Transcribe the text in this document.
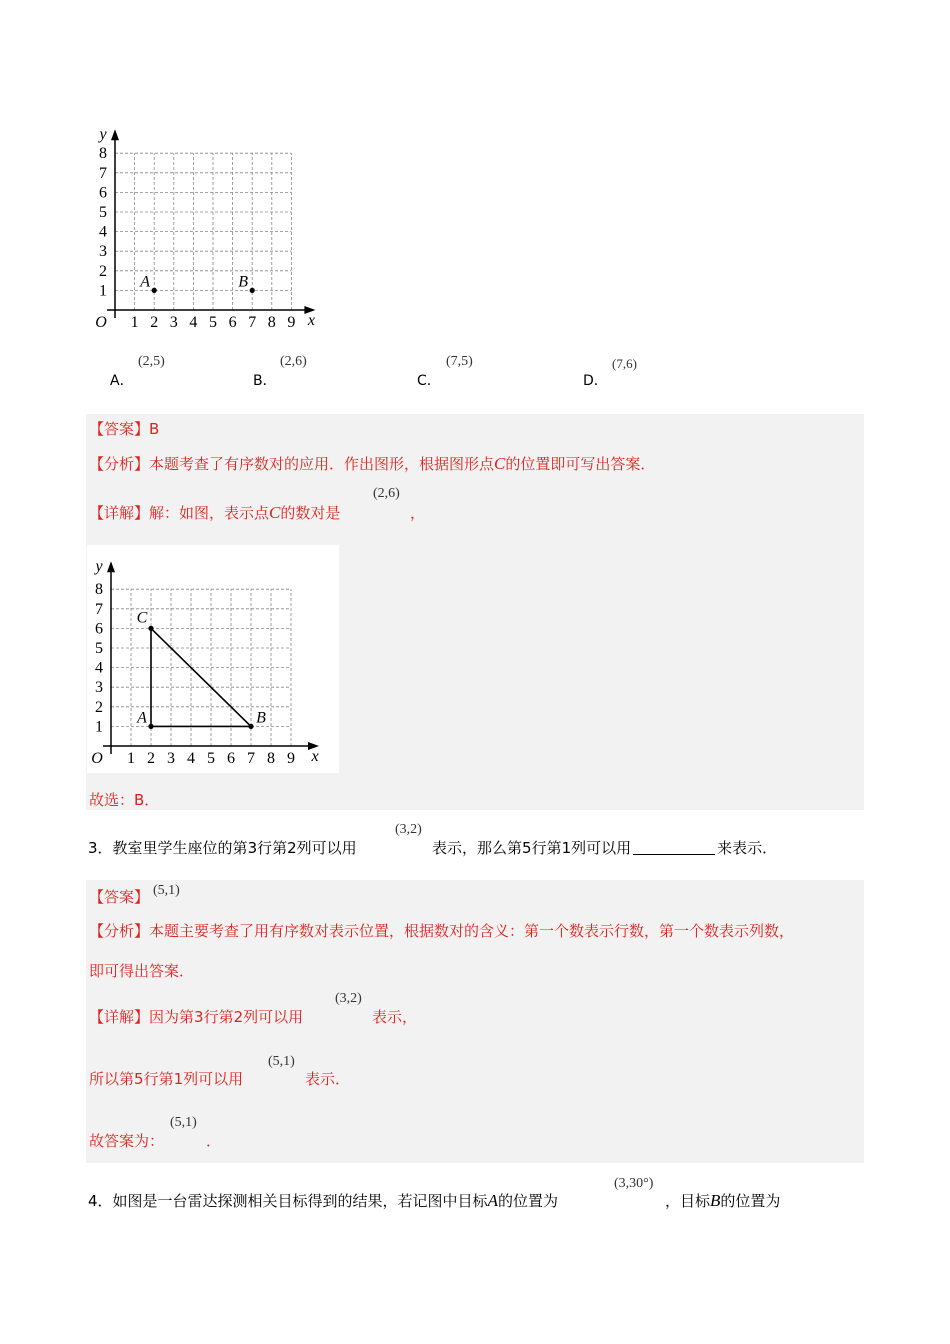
1 2 3 4 5 6 7 8 9
1
2
3
4
5
6
7
8
O	x
y
A	B
A．
(2,5)
B．
(2,6)
C．
(7,5)
D．
(7,6)
【答案】B
【分析】本题考查了有序数对的应用．作出图形，根据图形点C的位置即可写出答案．
【详解】解：如图，表示点C的数对是
(2,6)
，
1 2 3 4 5 6 7 8 9
1
2
3
4
5
6
7
8
O	x
y
A	B
C
故选：B．
3．教室里学生座位的第3行第2列可以用
(3,2)
表示，那么第5行第1列可以用	来表示．
【答案】 (5,1)
【分析】本题主要考查了用有序数对表示位置，根据数对的含义：第一个数表示行数，第一个数表示列数，
即可得出答案．
【详解】因为第3行第2列可以用
(3,2)
表示，
所以第5行第1列可以用
(5,1)
表示．
故答案为：
(5,1)
．
4．如图是一台雷达探测相关目标得到的结果，若记图中目标A的位置为
(3,30°)
，目标B的位置为
